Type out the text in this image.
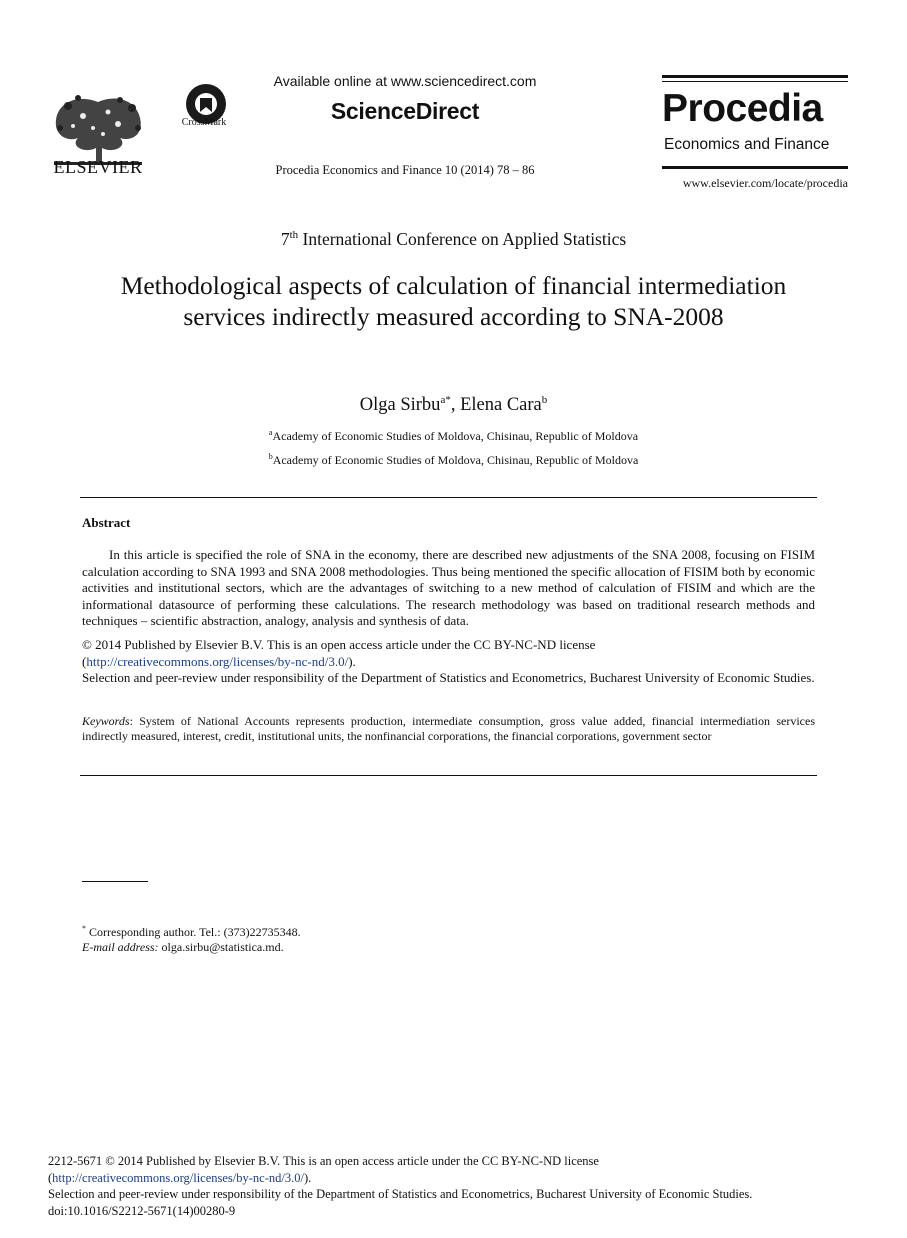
ELSEVIER
CrossMark
Available online at www.sciencedirect.com
ScienceDirect
Procedia Economics and Finance 10 (2014) 78 – 86
Procedia
Economics and Finance
www.elsevier.com/locate/procedia
7th International Conference on Applied Statistics
Methodological aspects of calculation of financial intermediation services indirectly measured according to SNA-2008
Olga Sirbu$^{a*}$, Elena Cara$^b$
$^a$Academy of Economic Studies of Moldova, Chisinau, Republic of Moldova
$^b$Academy of Economic Studies of Moldova, Chisinau, Republic of Moldova
Abstract
In this article is specified the role of SNA in the economy, there are described new adjustments of the SNA 2008, focusing on FISIM calculation according to SNA 1993 and SNA 2008 methodologies. Thus being mentioned the specific allocation of FISIM both by economic activities and institutional sectors, which are the advantages of switching to a new method of calculation of FISIM and which are the informational datasource of performing these calculations. The research methodology was based on traditional research methods and techniques – scientific abstraction, analogy, analysis and synthesis of data.
© 2014 Published by Elsevier B.V. This is an open access article under the CC BY-NC-ND license
(http://creativecommons.org/licenses/by-nc-nd/3.0/).
Selection and peer-review under responsibility of the Department of Statistics and Econometrics, Bucharest University of Economic Studies.
Keywords: System of National Accounts represents production, intermediate consumption, gross value added, financial intermediation services indirectly measured, interest, credit, institutional units, the nonfinancial corporations, the financial corporations, government sector
* Corresponding author. Tel.: (373)22735348.
E-mail address: olga.sirbu@statistica.md.
2212-5671 © 2014 Published by Elsevier B.V. This is an open access article under the CC BY-NC-ND license
(http://creativecommons.org/licenses/by-nc-nd/3.0/).
Selection and peer-review under responsibility of the Department of Statistics and Econometrics, Bucharest University of Economic Studies.
doi:10.1016/S2212-5671(14)00280-9
